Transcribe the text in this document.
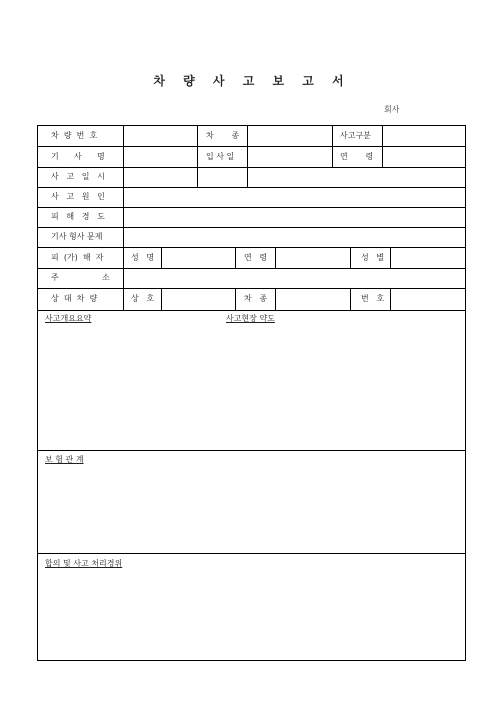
차 량 사 고 보 고 서
회사
차  량  번  호	차       종	사고구분
기      사      명	입 사 일	연       령
사   고   일   시
사   고   원   인
피   해   경   도
기사 형사 문제
피  (가)  해  자	성   명	연   령	성   별
주                 소
상  대  차  량	상   호	차   종	번   호
사고개요요약	사고현장 약도
보 험 관 계
합의 및 사고 처리경위
